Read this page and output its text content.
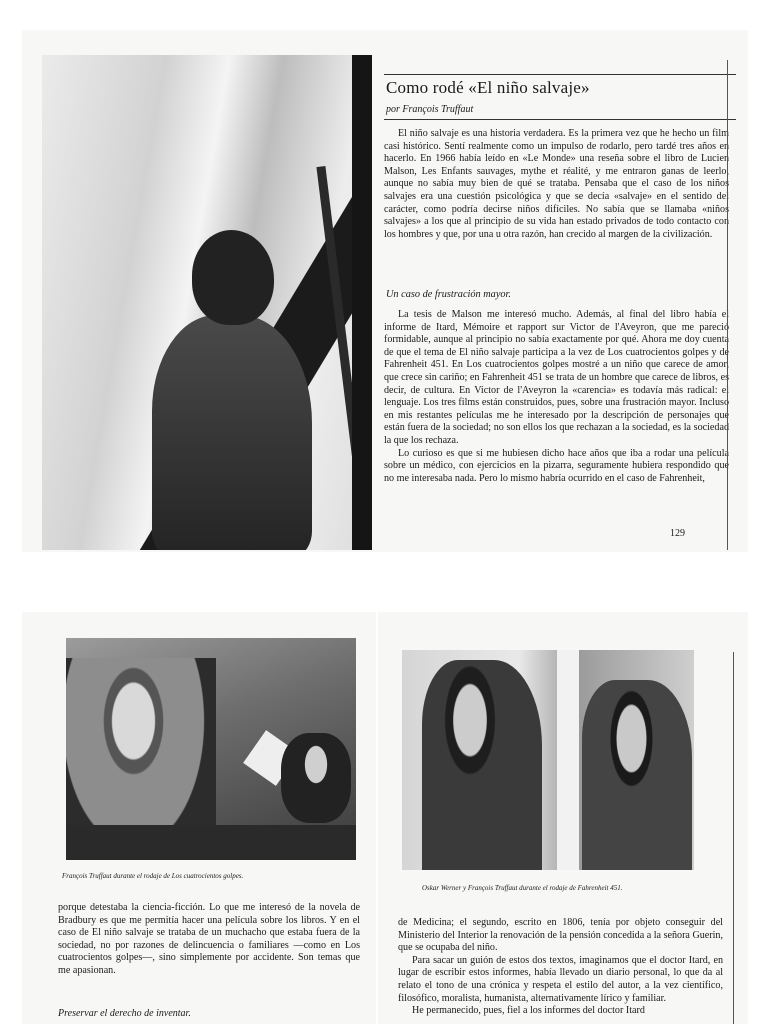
Como rodé «El niño salvaje»
por François Truffaut

El niño salvaje es una historia verdadera. Es la primera vez que he hecho un film casi histórico. Sentí realmente como un impulso de rodarlo, pero tardé tres años en hacerlo. En 1966 había leído en «Le Monde» una reseña sobre el libro de Lucien Malson, Les Enfants sauvages, mythe et réalité, y me entraron ganas de leerlo, aunque no sabía muy bien de qué se trataba. Pensaba que el caso de los niños salvajes era una cuestión psicológica y que se decía «salvaje» en el sentido del carácter, como podría decirse niños difíciles. No sabía que se llamaba «niños salvajes» a los que al principio de su vida han estado privados de todo contacto con los hombres y que, por una u otra razón, han crecido al margen de la civilización.

Un caso de frustración mayor.

La tesis de Malson me interesó mucho. Además, al final del libro había el informe de Itard, Mémoire et rapport sur Victor de l'Aveyron, que me pareció formidable, aunque al principio no sabía exactamente por qué. Ahora me doy cuenta de que el tema de El niño salvaje participa a la vez de Los cuatrocientos golpes y de Fahrenheit 451. En Los cuatrocientos golpes mostré a un niño que carece de amor, que crece sin cariño; en Fahrenheit 451 se trata de un hombre que carece de libros, es decir, de cultura. En Victor de l'Aveyron la «carencia» es todavía más radical: el lenguaje. Los tres films están construidos, pues, sobre una frustración mayor. Incluso en mis restantes películas me he interesado por la descripción de personajes que están fuera de la sociedad; no son ellos los que rechazan a la sociedad, es la sociedad la que los rechaza.

Lo curioso es que si me hubiesen dicho hace años que iba a rodar una película sobre un médico, con ejercicios en la pizarra, seguramente hubiera respondido que no me interesaba nada. Pero lo mismo habría ocurrido en el caso de Fahrenheit,

129
François Truffaut durante el rodaje de Los cuatrocientos golpes.

porque detestaba la ciencia-ficción. Lo que me interesó de la novela de Bradbury es que me permitía hacer una película sobre los libros. Y en el caso de El niño salvaje se trataba de un muchacho que estaba fuera de la sociedad, no por razones de delincuencia o familiares —como en Los cuatrocientos golpes—, sino simplemente por accidente. Son temas que me apasionan.

Preservar el derecho de inventar.
Oskar Werner y François Truffaut durante el rodaje de Fahrenheit 451.

de Medicina; el segundo, escrito en 1806, tenía por objeto conseguir del Ministerio del Interior la renovación de la pensión concedida a la señora Guerin, que se ocupaba del niño.

Para sacar un guión de estos dos textos, imaginamos que el doctor Itard, en lugar de escribir estos informes, había llevado un diario personal, lo que da al relato el tono de una crónica y respeta el estilo del autor, a la vez científico, filosófico, moralista, humanista, alternativamente lírico y familiar.

He permanecido, pues, fiel a los informes del doctor Itard
